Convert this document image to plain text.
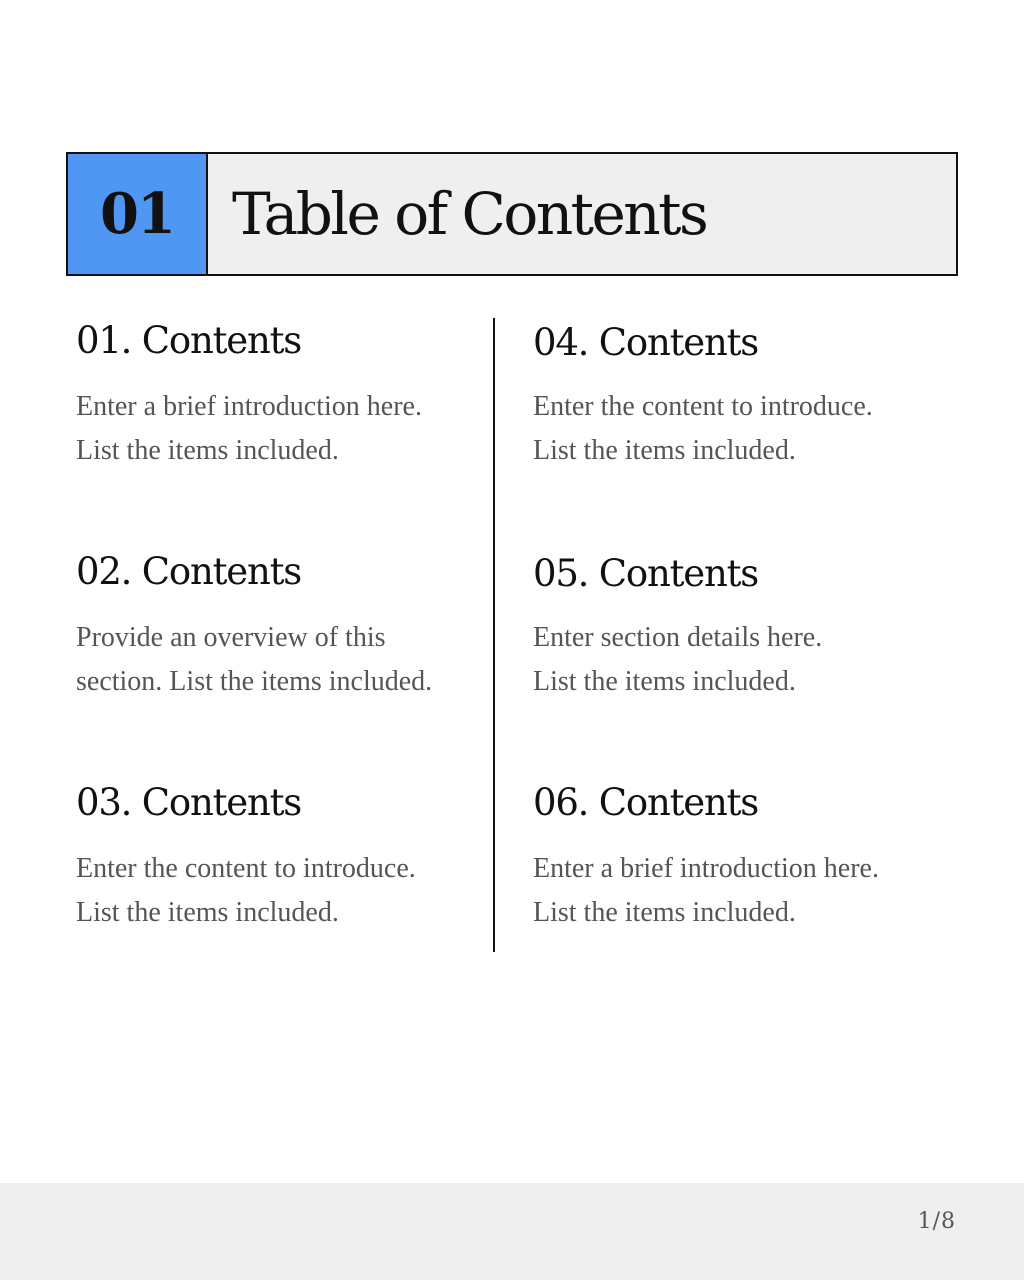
01	Table of Contents
01. Contents
Enter a brief introduction here.
List the items included.
02. Contents
Provide an overview of this
section. List the items included.
03. Contents
Enter the content to introduce.
List the items included.
04. Contents
Enter the content to introduce.
List the items included.
05. Contents
Enter section details here.
List the items included.
06. Contents
Enter a brief introduction here.
List the items included.
1/8
